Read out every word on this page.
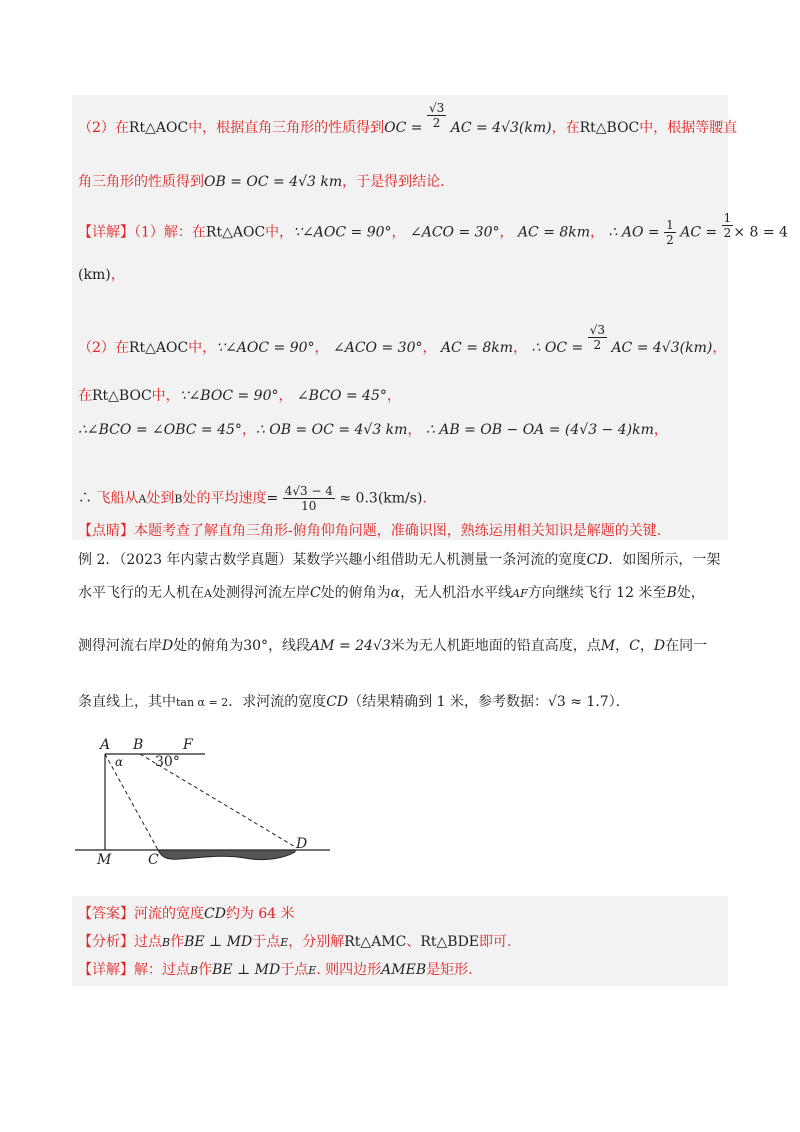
（2）在Rt△AOC中，根据直角三角形的性质得到OC = $\frac{√3}{2}$ AC = 4√3(km)，在Rt△BOC中，根据等腰直
角三角形的性质得到OB = OC = 4√3 km，于是得到结论.
【详解】（1）解：在Rt△AOC中，∵∠AOC = 90°， ∠ACO = 30°， AC = 8km， ∴ AO = $\frac{1}{2}$ AC = $\frac{1}{2} \times 8 = 4$
(km)，
（2）在Rt△AOC中，∵∠AOC = 90°， ∠ACO = 30°， AC = 8km， ∴ OC = $\frac{√3}{2}$ AC = 4√3(km)，
在Rt△BOC中，∵∠BOC = 90°， ∠BCO = 45°，
∴∠BCO = ∠OBC = 45°，∴ OB = OC = 4√3 km， ∴ AB = OB − OA = (4√3 − 4)km，
∴ 飞船从A处到B处的平均速度= $\frac{4√3 - 4}{10} \approx 0.3(km/s)$.
【点睛】本题考查了解直角三角形-俯角仰角问题，准确识图，熟练运用相关知识是解题的关键.
例 2．（2023 年内蒙古数学真题）某数学兴趣小组借助无人机测量一条河流的宽度CD．如图所示，一架
水平飞行的无人机在A处测得河流左岸C处的俯角为α，无人机沿水平线AF方向继续飞行 12 米至B处，
测得河流右岸D处的俯角为30°，线段AM = 24√3米为无人机距地面的铅直高度，点M，C，D在同一
条直线上，其中tan α = 2．求河流的宽度CD（结果精确到 1 米，参考数据：√3 ≈ 1.7）．
A B	F
α 30°
M	C
D
【答案】河流的宽度CD约为 64 米
【分析】过点B作BE ⊥ MD于点E，分别解Rt△AMC、Rt△BDE即可.
【详解】解：过点B作BE ⊥ MD于点E. 则四边形AMEB是矩形.
